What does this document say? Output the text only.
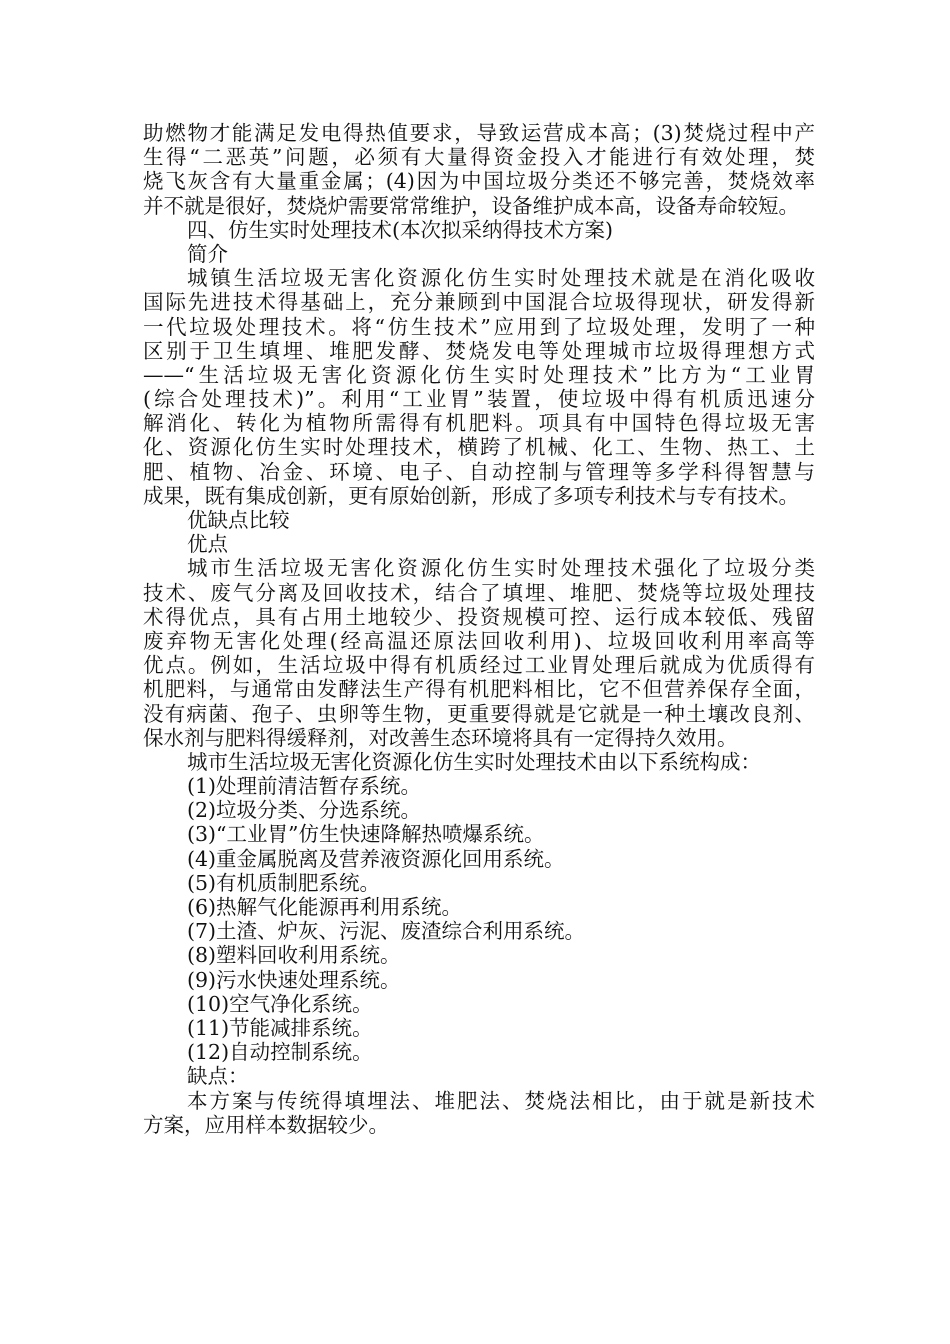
助燃物才能满足发电得热值要求，导致运营成本高；(3)焚烧过程中产
生得“二恶英”问题，必须有大量得资金投入才能进行有效处理，焚
烧飞灰含有大量重金属；(4)因为中国垃圾分类还不够完善，焚烧效率
并不就是很好，焚烧炉需要常常维护，设备维护成本高，设备寿命较短。
四、仿生实时处理技术(本次拟采纳得技术方案)
简介
城镇生活垃圾无害化资源化仿生实时处理技术就是在消化吸收
国际先进技术得基础上，充分兼顾到中国混合垃圾得现状，研发得新
一代垃圾处理技术。将“仿生技术”应用到了垃圾处理，发明了一种
区别于卫生填埋、堆肥发酵、焚烧发电等处理城市垃圾得理想方式
——“生活垃圾无害化资源化仿生实时处理技术”比方为“工业胃
(综合处理技术)”。利用“工业胃”装置，使垃圾中得有机质迅速分
解消化、转化为植物所需得有机肥料。项具有中国特色得垃圾无害
化、资源化仿生实时处理技术，横跨了机械、化工、生物、热工、土
肥、植物、冶金、环境、电子、自动控制与管理等多学科得智慧与
成果，既有集成创新，更有原始创新，形成了多项专利技术与专有技术。
优缺点比较
优点
城市生活垃圾无害化资源化仿生实时处理技术强化了垃圾分类
技术、废气分离及回收技术，结合了填埋、堆肥、焚烧等垃圾处理技
术得优点，具有占用土地较少、投资规模可控、运行成本较低、残留
废弃物无害化处理(经高温还原法回收利用)、垃圾回收利用率高等
优点。例如，生活垃圾中得有机质经过工业胃处理后就成为优质得有
机肥料，与通常由发酵法生产得有机肥料相比，它不但营养保存全面，
没有病菌、孢子、虫卵等生物，更重要得就是它就是一种土壤改良剂、
保水剂与肥料得缓释剂，对改善生态环境将具有一定得持久效用。
城市生活垃圾无害化资源化仿生实时处理技术由以下系统构成：
(1)处理前清洁暂存系统。
(2)垃圾分类、分选系统。
(3)“工业胃”仿生快速降解热喷爆系统。
(4)重金属脱离及营养液资源化回用系统。
(5)有机质制肥系统。
(6)热解气化能源再利用系统。
(7)土渣、炉灰、污泥、废渣综合利用系统。
(8)塑料回收利用系统。
(9)污水快速处理系统。
(10)空气净化系统。
(11)节能减排系统。
(12)自动控制系统。
缺点：
本方案与传统得填埋法、堆肥法、焚烧法相比，由于就是新技术
方案，应用样本数据较少。
